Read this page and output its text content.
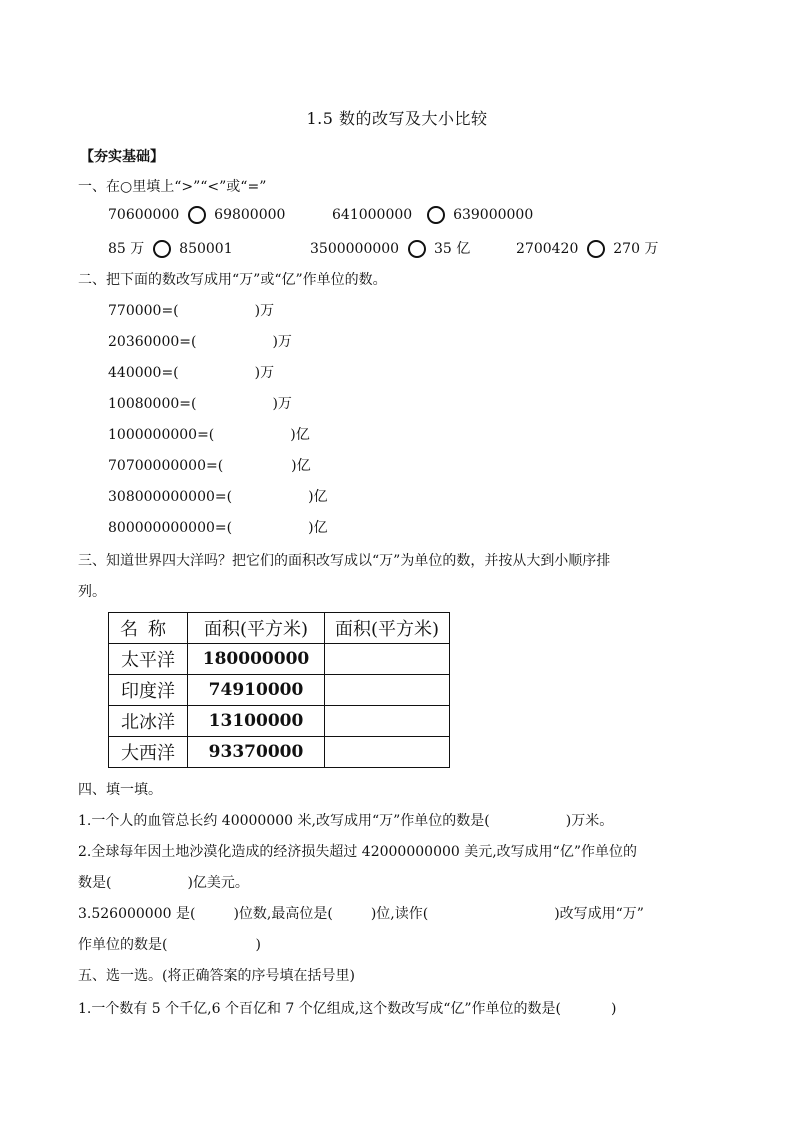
1.5 数的改写及大小比较
【夯实基础】
一、在○里填上“>”“<”或“=”
70600000 69800000	641000000	639000000
85 万 850001	3500000000 35 亿	2700420 270 万
二、把下面的数改写成用“万”或“亿”作单位的数。
770000=(	)万
20360000=(	)万
440000=(	)万
10080000=(	)万
1000000000=(	)亿
70700000000=(	)亿
308000000000=(	)亿
800000000000=(	)亿
三、知道世界四大洋吗？把它们的面积改写成以“万”为单位的数，并按从大到小顺序排
列。
名称	面积(平方米)	面积(平方米)
太平洋	180000000	
印度洋	74910000	
北冰洋	13100000	
大西洋	93370000	
四、填一填。
1.一个人的血管总长约 40000000 米,改写成用“万”作单位的数是(	)万米。
2.全球每年因土地沙漠化造成的经济损失超过 42000000000 美元,改写成用“亿”作单位的
数是(	)亿美元。
3.526000000 是(	)位数,最高位是(	)位,读作(	)改写成用“万”
作单位的数是(	)
五、选一选。(将正确答案的序号填在括号里)
1.一个数有 5 个千亿,6 个百亿和 7 个亿组成,这个数改写成“亿”作单位的数是(	)
